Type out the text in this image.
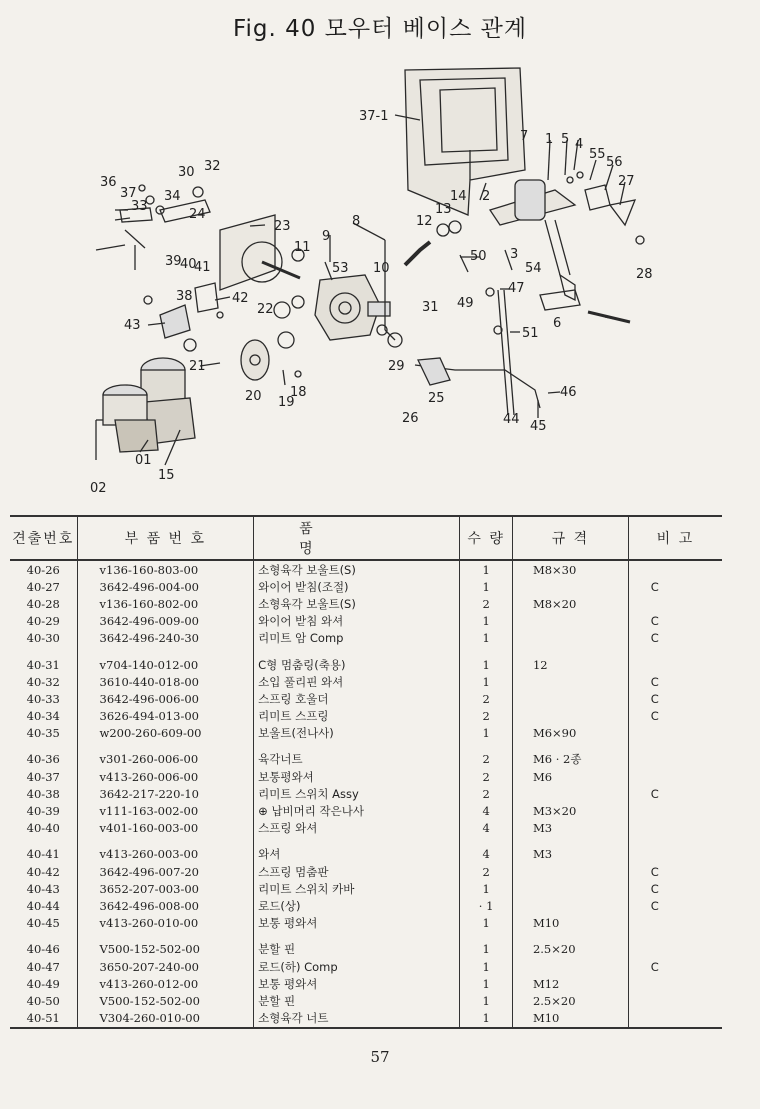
Fig. 40 모우터 베이스 관계
37-1
1 4
5
55
56
27
30 32
36
37 34
33
24
23
2
7
14
13
12
8
9
10
11
53
3
28
50
54
47
49
31
39
40
41
42
22
38
43
51
6
21
20 19
18
29
25	46
26	44 45
01
02
15
견출번호	부 품 번 호	품  명	수 량	규 격	비 고
40-26	v136-160-803-00	소형육각 보울트(S)	1	M8×30	
40-27	3642-496-004-00	와이어 받침(조절)	1		C
40-28	v136-160-802-00	소형육각 보울트(S)	2	M8×20	
40-29	3642-496-009-00	와이어 받침 와셔	1		C
40-30	3642-496-240-30	리미트 암 Comp	1		C
40-31	v704-140-012-00	C형 멈춤링(축용)	1	12	
40-32	3610-440-018-00	소입 풀리핀 와셔	1		C
40-33	3642-496-006-00	스프링 호울더	2		C
40-34	3626-494-013-00	리미트 스프링	2		C
40-35	w200-260-609-00	보울트(전나사)	1	M6×90	
40-36	v301-260-006-00	육각너트	2	M6 · 2종	
40-37	v413-260-006-00	보통평와셔	2	M6	
40-38	3642-217-220-10	리미트 스위치 Assy	2		C
40-39	v111-163-002-00	⊕ 납비머리 작은나사	4	M3×20	
40-40	v401-160-003-00	스프링 와셔	4	M3	
40-41	v413-260-003-00	와셔	4	M3	
40-42	3642-496-007-20	스프링 멈춤판	2		C
40-43	3652-207-003-00	리미트 스위치 카바	1		C
40-44	3642-496-008-00	로드(상)	· 1		C
40-45	v413-260-010-00	보통 평와셔	1	M10	
40-46	V500-152-502-00	분할 핀	1	2.5×20	
40-47	3650-207-240-00	로드(하) Comp	1		C
40-49	v413-260-012-00	보통 평와셔	1	M12	
40-50	V500-152-502-00	분할 핀	1	2.5×20	
40-51	V304-260-010-00	소형육각 너트	1	M10	
57
